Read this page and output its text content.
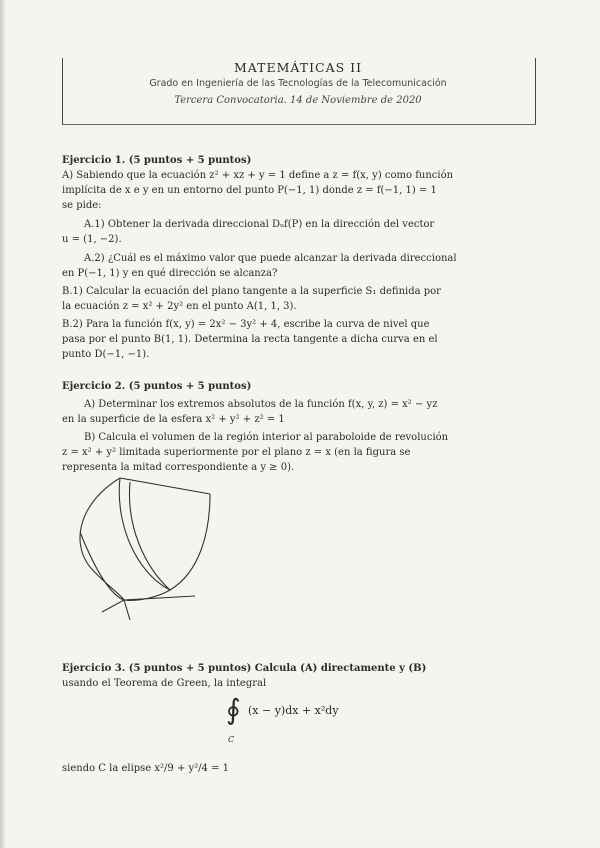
MATEMÁTICAS II
Grado en Ingeniería de las Tecnologías de la Telecomunicación
Tercera Convocatoria. 14 de Noviembre de 2020
Ejercicio 1. (5 puntos + 5 puntos)
A) Sabiendo que la ecuación z² + xz + y = 1 define a z = f(x, y) como función
implícita de x e y en un entorno del punto P(−1, 1) donde z = f(−1, 1) = 1
se pide:
A.1) Obtener la derivada direccional Dᵤf(P) en la dirección del vector
u = (1, −2).
A.2) ¿Cuál es el máximo valor que puede alcanzar la derivada direccional
en P(−1, 1) y en qué dirección se alcanza?
B.1) Calcular la ecuación del plano tangente a la superficie S₁ definida por
la ecuación z = x² + 2y² en el punto A(1, 1, 3).
B.2) Para la función f(x, y) = 2x² − 3y² + 4, escribe la curva de nivel que
pasa por el punto B(1, 1). Determina la recta tangente a dicha curva en el
punto D(−1, −1).
Ejercicio 2. (5 puntos + 5 puntos)
A) Determinar los extremos absolutos de la función f(x, y, z) = x² − yz
en la superficie de la esfera x² + y² + z² = 1
B) Calcula el volumen de la región interior al paraboloide de revolución
z = x² + y² limitada superiormente por el plano z = x (en la figura se
representa la mitad correspondiente a y ≥ 0).
Ejercicio 3. (5 puntos + 5 puntos) Calcula (A) directamente y (B)
usando el Teorema de Green, la integral
∮ (x − y)dx + x²dy
C
siendo C la elipse x²/9 + y²/4 = 1
